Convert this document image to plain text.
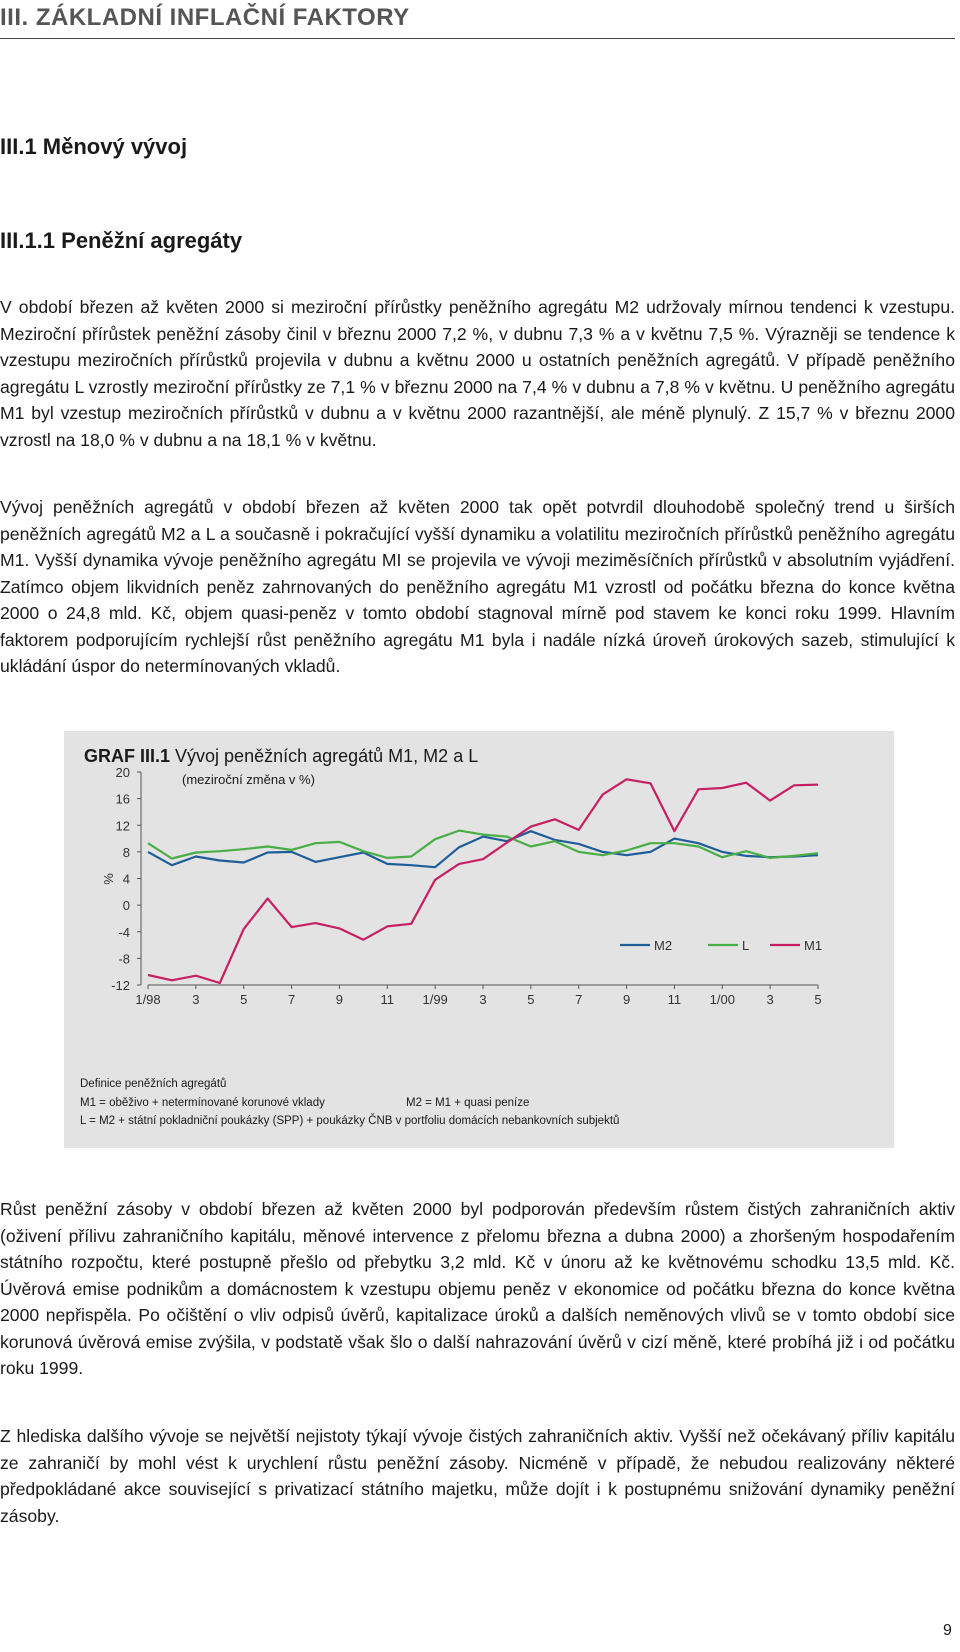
III. ZÁKLADNÍ INFLAČNÍ FAKTORY
III.1 Měnový vývoj
III.1.1 Peněžní agregáty

V období březen až květen 2000 si meziroční přírůstky peněžního agregátu M2 udržovaly mírnou tendenci k vzestupu. Meziroční přírůstek peněžní zásoby činil v březnu 2000 7,2 %, v dubnu 7,3 % a v květnu 7,5 %. Výrazněji se tendence k vzestupu meziročních přírůstků projevila v dubnu a květnu 2000 u ostatních peněžních agregátů. V případě peněžního agregátu L vzrostly meziroční přírůstky ze 7,1 % v březnu 2000 na 7,4 % v dubnu a 7,8 % v květnu. U peněžního agregátu M1 byl vzestup meziročních přírůstků v dubnu a v květnu 2000 razantnější, ale méně plynulý. Z 15,7 % v březnu 2000 vzrostl na 18,0 % v dubnu a na 18,1 % v květnu.

Vývoj peněžních agregátů v období březen až květen 2000 tak opět potvrdil dlouhodobě společný trend u širších peněžních agregátů M2 a L a současně i pokračující vyšší dynamiku a volatilitu meziročních přírůstků peněžního agregátu M1. Vyšší dynamika vývoje peněžního agregátu MI se projevila ve vývoji meziměsíčních přírůstků v absolutním vyjádření. Zatímco objem likvidních peněz zahrnovaných do peněžního agregátu M1 vzrostl od počátku března do konce května 2000 o 24,8 mld. Kč, objem quasi-peněz v tomto období stagnoval mírně pod stavem ke konci roku 1999. Hlavním faktorem podporujícím rychlejší růst peněžního agregátu M1 byla i nadále nízká úroveň úrokových sazeb, stimulující k ukládání úspor do netermínovaných vkladů.

GRAF III.1 Vývoj peněžních agregátů M1, M2 a L
(meziroční změna v %)
20
16
12
8
4
0
-4
-8
-12
%
1/98 3	5	7	9	11 1/99 3	5	7	9	11 1/00 3	5
M2	L	M1
Definice peněžních agregátů
M1 = oběživo + netermínované korunové vklady	M2 = M1 + quasi peníze
L = M2 + státní pokladniční poukázky (SPP) + poukázky ČNB v portfoliu domácích nebankovních subjektů

Růst peněžní zásoby v období březen až květen 2000 byl podporován především růstem čistých zahraničních aktiv (oživení přílivu zahraničního kapitálu, měnové intervence z přelomu března a dubna 2000) a zhoršeným hospodařením státního rozpočtu, které postupně přešlo od přebytku 3,2 mld. Kč v únoru až ke květnovému schodku 13,5 mld. Kč. Úvěrová emise podnikům a domácnostem k vzestupu objemu peněz v ekonomice od počátku března do konce května 2000 nepřispěla. Po očištění o vliv odpisů úvěrů, kapitalizace úroků a dalších neměnových vlivů se v tomto období sice korunová úvěrová emise zvýšila, v podstatě však šlo o další nahrazování úvěrů v cizí měně, které probíhá již i od počátku roku 1999.

Z hlediska dalšího vývoje se největší nejistoty týkají vývoje čistých zahraničních aktiv. Vyšší než očekávaný příliv kapitálu ze zahraničí by mohl vést k urychlení růstu peněžní zásoby. Nicméně v případě, že nebudou realizovány některé předpokládané akce související s privatizací státního majetku, může dojít i k postupnému snižování dynamiky peněžní zásoby.

9
